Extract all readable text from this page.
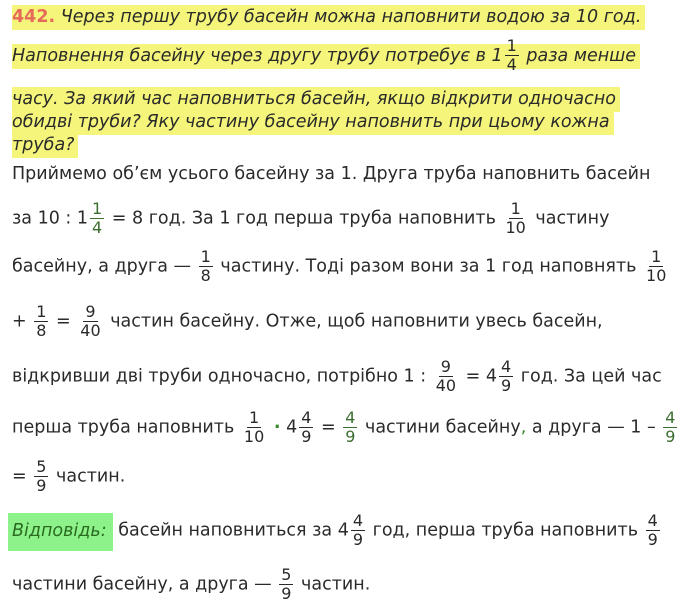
442. Через першу трубу басейн можна наповнити водою за 10 год.
Наповнення басейну через другу трубу потребує в $1 \frac{1}{4}$ раза менше
часу. За який час наповниться басейн, якщо відкрити одночасно
обидві труби? Яку частину басейну наповнить при цьому кожна
труба?
Приймемо об’єм усього басейну за 1. Друга труба наповнить басейн
за 10 : $1 \frac{1}{4} = 8$ год. За 1 год перша труба наповнить $\frac{1}{10}$ частину
басейну, а друга — $\frac{1}{8}$ частину. Тоді разом вони за 1 год наповнять $\frac{1}{10}$
+ $\frac{1}{8} = \frac{9}{40}$ частин басейну. Отже, щоб наповнити увесь басейн,
відкривши дві труби одночасно, потрібно 1 : $\frac{9}{40} = 4 \frac{4}{9}$ год. За цей час
перша труба наповнить $\frac{1}{10} \cdot 4 \frac{4}{9} = \frac{4}{9}$ частини басейну, а друга — $1 - \frac{4}{9}$
= $\frac{5}{9}$ частин.
Відповідь: басейн наповниться за $4 \frac{4}{9}$ год, перша труба наповнить $\frac{4}{9}$
частини басейну, а друга — $\frac{5}{9}$ частин.
